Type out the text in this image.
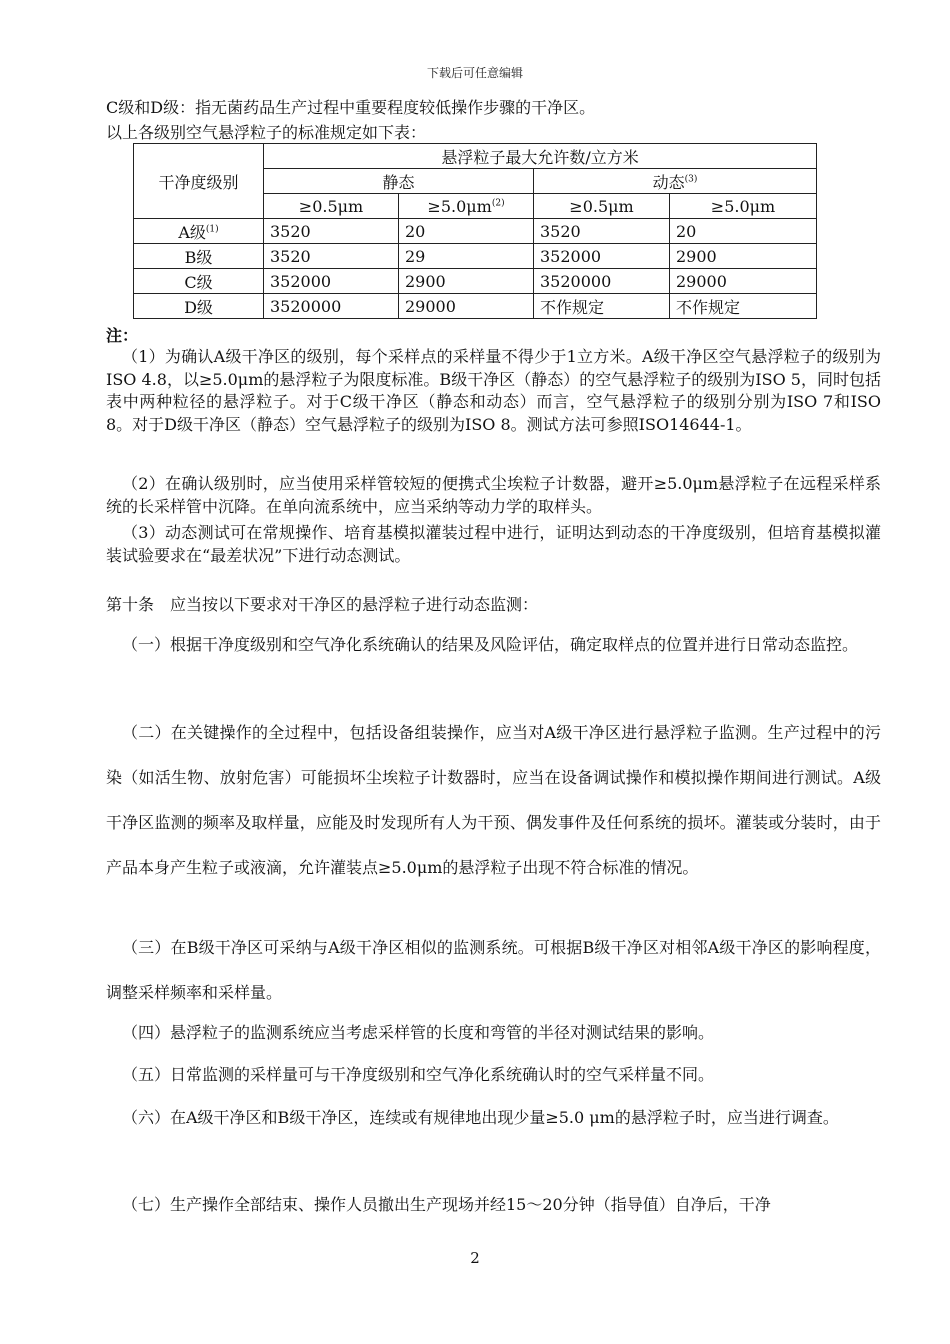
下载后可任意编辑
C级和D级：指无菌药品生产过程中重要程度较低操作步骤的干净区。
以上各级别空气悬浮粒子的标准规定如下表：
干净度级别	悬浮粒子最大允许数/立方米			
	静态		动态$^{(3)}$
	≥0.5μm	$\ge 5.0\mu m^{(2)}$	≥0.5μm	≥5.0μm
A级$^{(1)}$	3520	20	3520	20
B级	3520	29	352000	2900
C级	352000	2900	3520000	29000
D级	3520000	29000	不作规定	不作规定
注：
（1）为确认A级干净区的级别，每个采样点的采样量不得少于1立方米。A级干净区空气悬浮粒子的级别为ISO 4.8，以≥5.0μm的悬浮粒子为限度标准。B级干净区（静态）的空气悬浮粒子的级别为ISO 5，同时包括表中两种粒径的悬浮粒子。对于C级干净区（静态和动态）而言，空气悬浮粒子的级别分别为ISO 7和ISO 8。对于D级干净区（静态）空气悬浮粒子的级别为ISO 8。测试方法可参照ISO14644-1。
（2）在确认级别时，应当使用采样管较短的便携式尘埃粒子计数器，避开≥5.0μm悬浮粒子在远程采样系统的长采样管中沉降。在单向流系统中，应当采纳等动力学的取样头。
（3）动态测试可在常规操作、培育基模拟灌装过程中进行，证明达到动态的干净度级别，但培育基模拟灌装试验要求在“最差状况”下进行动态测试。
第十条　应当按以下要求对干净区的悬浮粒子进行动态监测：
（一）根据干净度级别和空气净化系统确认的结果及风险评估，确定取样点的位置并进行日常动态监控。
（二）在关键操作的全过程中，包括设备组装操作，应当对A级干净区进行悬浮粒子监测。生产过程中的污染（如活生物、放射危害）可能损坏尘埃粒子计数器时，应当在设备调试操作和模拟操作期间进行测试。A级干净区监测的频率及取样量，应能及时发现所有人为干预、偶发事件及任何系统的损坏。灌装或分装时，由于产品本身产生粒子或液滴，允许灌装点≥5.0μm的悬浮粒子出现不符合标准的情况。
（三）在B级干净区可采纳与A级干净区相似的监测系统。可根据B级干净区对相邻A级干净区的影响程度，调整采样频率和采样量。
（四）悬浮粒子的监测系统应当考虑采样管的长度和弯管的半径对测试结果的影响。
（五）日常监测的采样量可与干净度级别和空气净化系统确认时的空气采样量不同。
（六）在A级干净区和B级干净区，连续或有规律地出现少量≥5.0 μm的悬浮粒子时，应当进行调查。
（七）生产操作全部结束、操作人员撤出生产现场并经15～20分钟（指导值）自净后，干净
2
